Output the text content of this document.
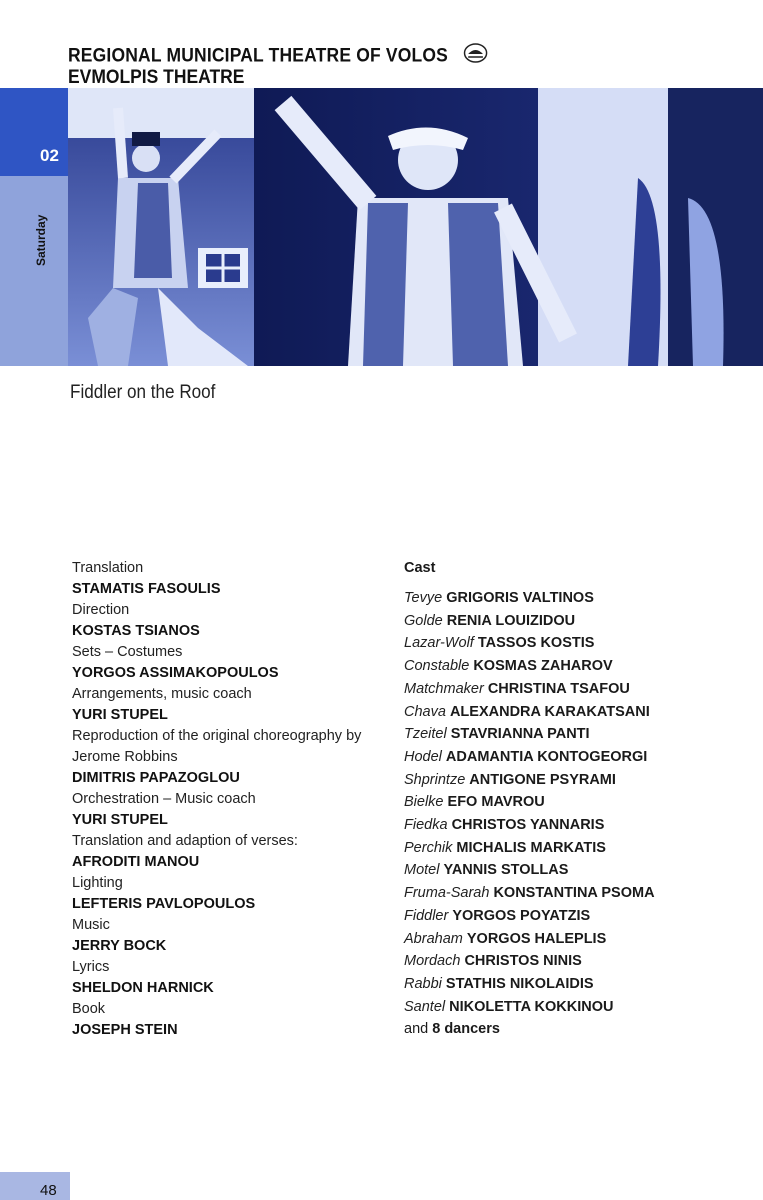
REGIONAL MUNICIPAL THEATRE OF VOLOS
EVMOLPIS THEATRE
02
Saturday
Fiddler on the Roof
Translation
STAMATIS FASOULIS
Direction
KOSTAS TSIANOS
Sets – Costumes
YORGOS ASSIMAKOPOULOS
Arrangements, music coach
YURI STUPEL
Reproduction of the original choreography by Jerome Robbins
DIMITRIS PAPAZOGLOU
Orchestration – Music coach
YURI STUPEL
Translation and adaption of verses:
AFRODITI MANOU
Lighting
LEFTERIS PAVLOPOULOS
Music
JERRY BOCK
Lyrics
SHELDON HARNICK
Book
JOSEPH STEIN
Cast
Tevye GRIGORIS VALTINOS
Golde RENIA LOUIZIDOU
Lazar-Wolf TASSOS KOSTIS
Constable KOSMAS ZAHAROV
Matchmaker CHRISTINA TSAFOU
Chava ALEXANDRA KARAKATSANI
Tzeitel STAVRIANNA PANTI
Hodel ADAMANTIA KONTOGEORGI
Shprintze ANTIGONE PSYRAMI
Bielke EFO MAVROU
Fiedka CHRISTOS YANNARIS
Perchik MICHALIS MARKATIS
Motel YANNIS STOLLAS
Fruma-Sarah KONSTANTINA PSOMA
Fiddler YORGOS POYATZIS
Abraham YORGOS HALEPLIS
Mordach CHRISTOS NINIS
Rabbi STATHIS NIKOLAIDIS
Santel NIKOLETTA KOKKINOU
and 8 dancers
48
